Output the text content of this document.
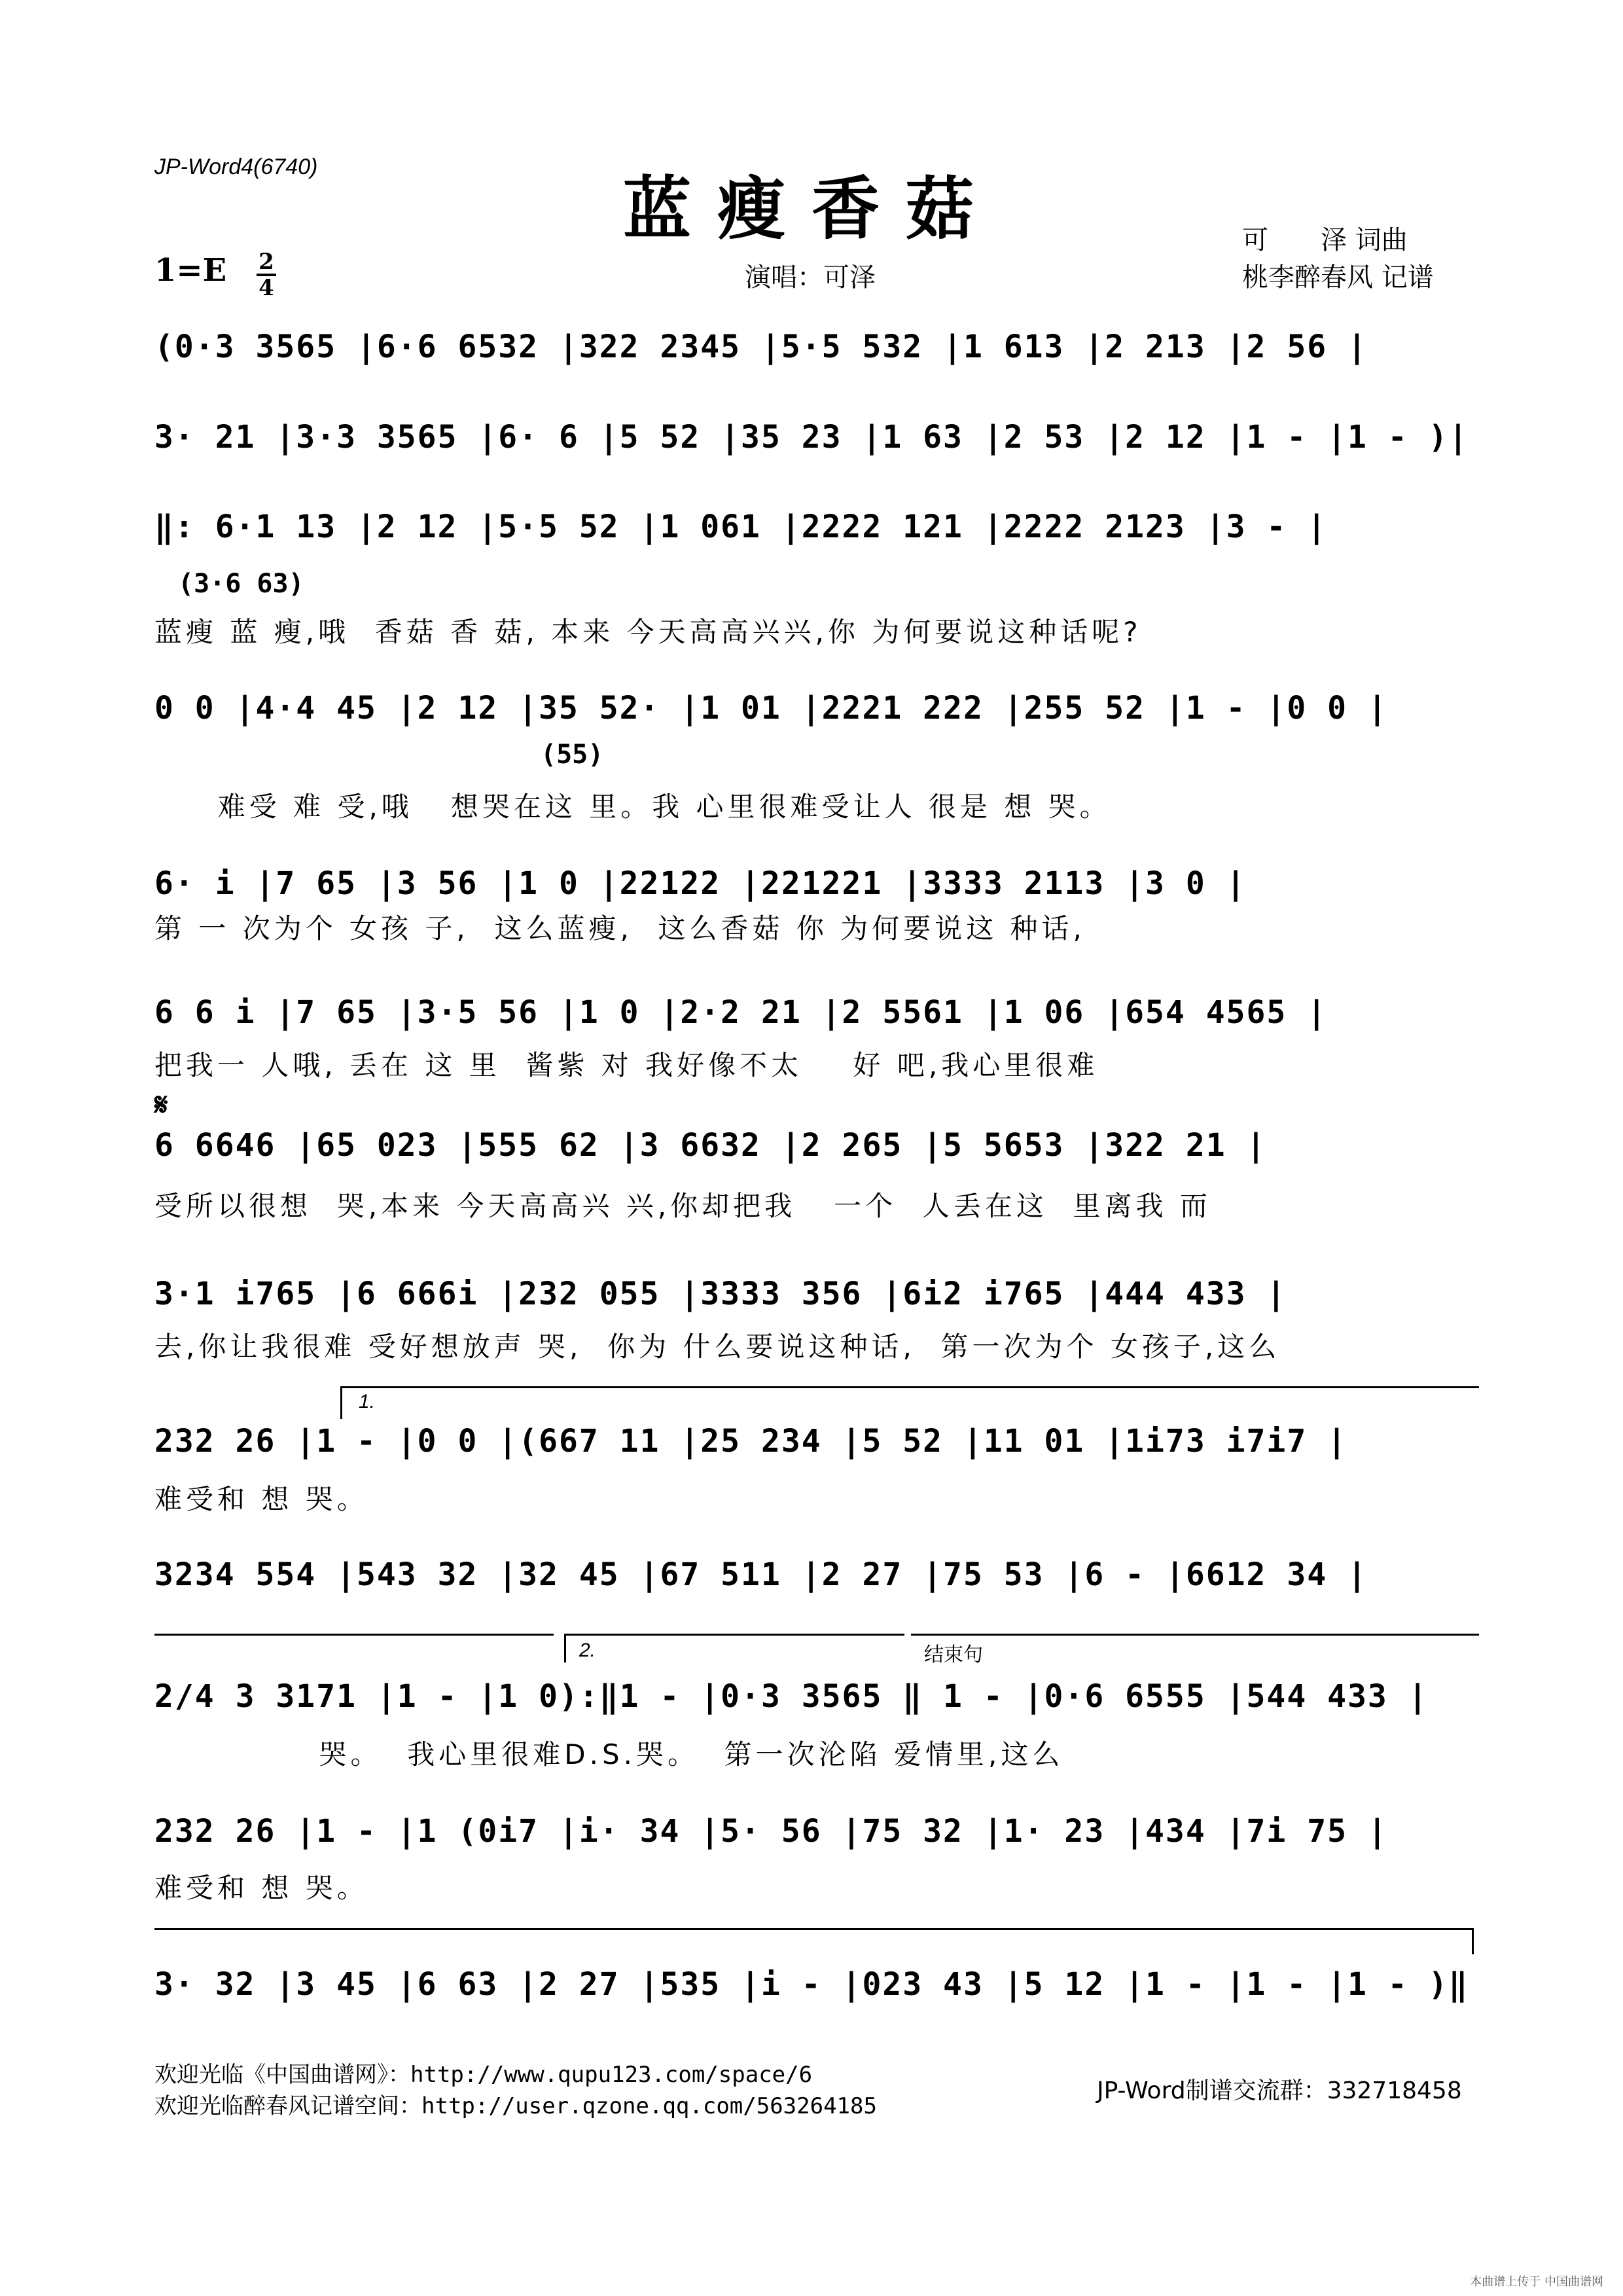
JP-Word4(6740)
蓝瘦香菇	可　　泽 词曲
桃李醉春风 记谱
1=E 2
4	演唱：可泽
(0·3 3565 |6·6 6532 |322 2345 |5·5 532 |1 613 |2 213 |2 56 |
3· 21 |3·3 3565 |6· 6 |5 52 |35 23 |1 63 |2 53 |2 12 |1 - |1 - )|
‖: 6·1 13 |2 12 |5·5 52 |1 061 |2222 121 |2222 2123 |3 - |
(3·6 63)
蓝瘦 蓝 瘦,哦  香菇 香 菇, 本来 今天高高兴兴,你 为何要说这种话呢?
0 0 |4·4 45 |2 12 |35 52· |1 01 |2221 222 |255 52 |1 - |0 0 |
(55)
难受 难 受,哦   想哭在这 里。我 心里很难受让人 很是 想 哭。
6· i |7 65 |3 56 |1 0 |22122 |221221 |3333 2113 |3 0 |
第 一 次为个 女孩 子,  这么蓝瘦,  这么香菇 你 为何要说这 种话,
6 6 i |7 65 |3·5 56 |1 0 |2·2 21 |2 5561 |1 06 |654 4565 |
把我一 人哦, 丢在 这 里  酱紫 对 我好像不太    好 吧,我心里很难
𝄋
6 6646 |65 023 |555 62 |3 6632 |2 265 |5 5653 |322 21 |
受所以很想  哭,本来 今天高高兴 兴,你却把我   一个  人丢在这  里离我 而
3·1 i765 |6 666i |232 055 |3333 356 |6i2 i765 |444 433 |
去,你让我很难 受好想放声 哭,  你为 什么要说这种话,  第一次为个 女孩子,这么
1.
232 26 |1 - |0 0 |(667 11 |25 234 |5 52 |11 01 |1i73 i7i7 |
难受和 想 哭。
3234 554 |543 32 |32 45 |67 511 |2 27 |75 53 |6 - |6612 34 |
2.	结束句
2/4 3 3171 |1 - |1 0):‖1 - |0·3 3565 ‖ 1 - |0·6 6555 |544 433 |
哭。  我心里很难D.S.哭。  第一次沦陷 爱情里,这么
232 26 |1 - |1 (0i7 |i· 34 |5· 56 |75 32 |1· 23 |434 |7i 75 |
难受和 想 哭。
3· 32 |3 45 |6 63 |2 27 |535 |i - |023 43 |5 12 |1 - |1 - |1 - )‖
欢迎光临《中国曲谱网》：http://www.qupu123.com/space/6
欢迎光临醉春风记谱空间：http://user.qzone.qq.com/563264185
JP-Word制谱交流群：332718458
本曲谱上传于 中国曲谱网
